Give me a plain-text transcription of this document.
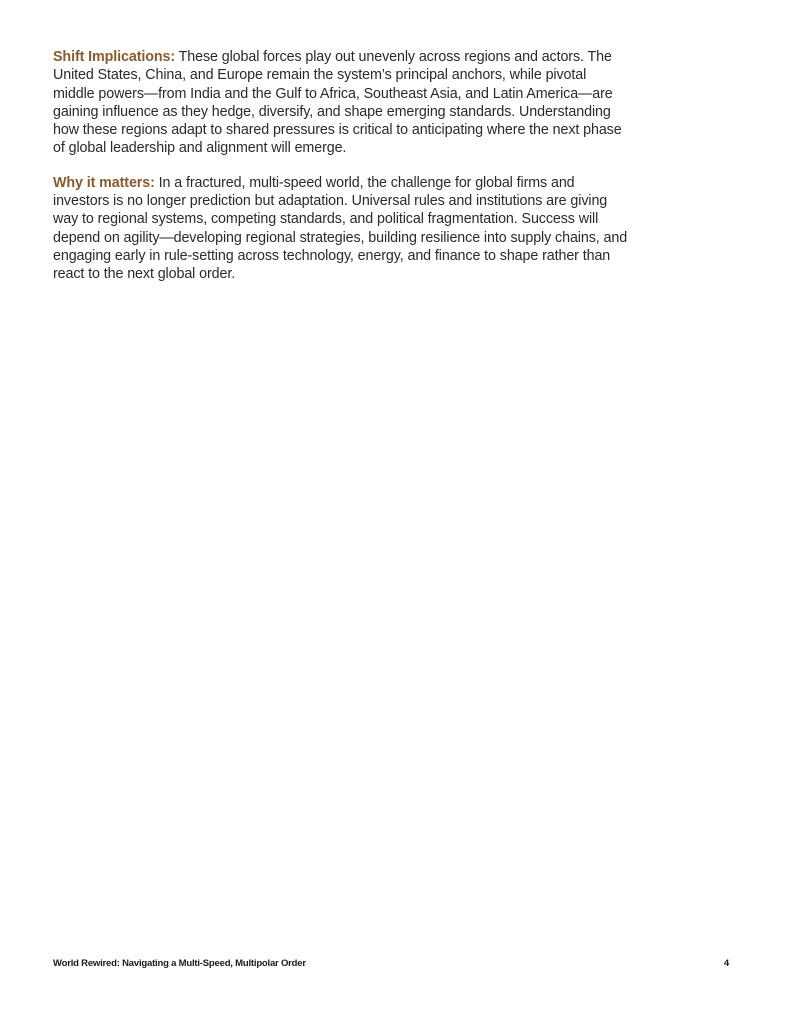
Shift Implications: These global forces play out unevenly across regions and actors. The United States, China, and Europe remain the system’s principal anchors, while pivotal middle powers—from India and the Gulf to Africa, Southeast Asia, and Latin America—are gaining influence as they hedge, diversify, and shape emerging standards. Understanding how these regions adapt to shared pressures is critical to anticipating where the next phase of global leadership and alignment will emerge.

Why it matters: In a fractured, multi-speed world, the challenge for global firms and investors is no longer prediction but adaptation. Universal rules and institutions are giving way to regional systems, competing standards, and political fragmentation. Success will depend on agility—developing regional strategies, building resilience into supply chains, and engaging early in rule-setting across technology, energy, and finance to shape rather than react to the next global order.

World Rewired: Navigating a Multi-Speed, Multipolar Order	4
